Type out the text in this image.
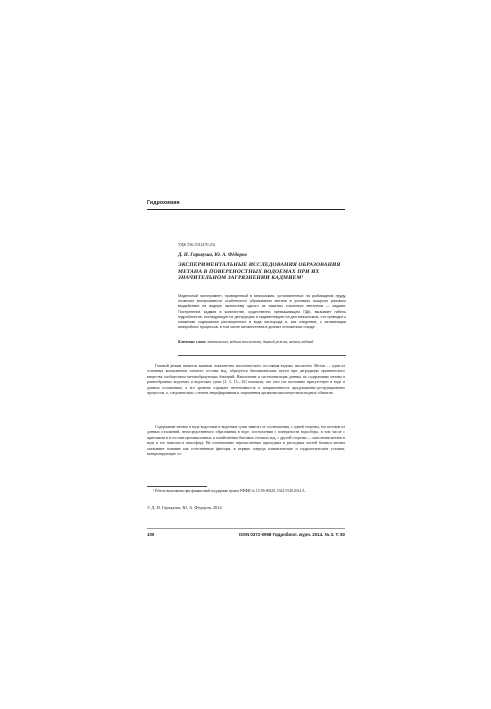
Гидрохимия
УДК 556.531(470.23)
Д. Н. Гарькуша, Ю. А. Фёдоров
ЭКСПЕРИМЕНТАЛЬНЫЕ ИССЛЕДОВАНИЯ ОБРАЗОВАНИЯ МЕТАНА В ПОВЕРХНОСТНЫХ ВОДОЕМАХ ПРИ ИХ ЗНАЧИТЕЛЬНОМ ЗАГРЯЗНЕНИИ КАДМИЕМ¹
Модельный эксперимент, проведенный в мезокосмах, установленных на рыбоводном пруду, позволил воспроизвести особенности образования метана в условиях мощного разового воздействия на водную экосистему одного из тяжелых токсичных металлов — кадмия. Поступление кадмия в количестве, существенно превышающем ПДК, вызывает гибель гидробионтов, последующую их деструкцию и седиментацию на дно мезокосмов, что приводит к снижению содержания растворенного в воде кислорода и, как следствие, к активизации анаэробных процессов, в том числе метаногенеза в донных отложениях и воде.
Ключевые слова: метаногенез, водная экосистема, донный режим, метан, кадмий.
Газовый режим является важным показателем экологического состояния водных экосистем. Метан — один из основных компонентов газового состава вод, образуется биохимическим путем при деградации органического вещества сообществом метанобразующих бактерий. Накопление и систематизация данных по содержанию метана в разнообразных водоемах и водотоках суши [2, 3, 13—16] показали, что этот газ постоянно присутствует в воде и донных отложениях, а его уровень отражает интенсивность и направленность продукционно-деструкционных процессов, а, следовательно, степень эвтрофирования и загрязнения органическим веществом водных объектов.
Содержание метана в воде водотоков и водоемов суши зависит от соотношения, с одной стороны, его потоков из донных отложений, непосредственного образования в воде, поступления с поверхности водосбора, в том числе с притоками и в составе промышленных и хозяйственно-бытовых сточных вод, с другой стороны — окисления метана в воде и его эмиссии в атмосферу. На соотношение перечисленных приходных и расходных частей баланса метана оказывают влияние как естественные факторы, в первую очередь климатические и гидрологические условия, контролирующие со-
¹ Работа выполнена при финансовой поддержке гранта РФФИ № 12-05-00420, 1022-5548.2014 А.
© Д. Н. Гарькуша, Ю. А. Фёдоров, 2014
100	ISSN 0372-0998 Гидробиол. журн. 2014. № 3. Т. 50
